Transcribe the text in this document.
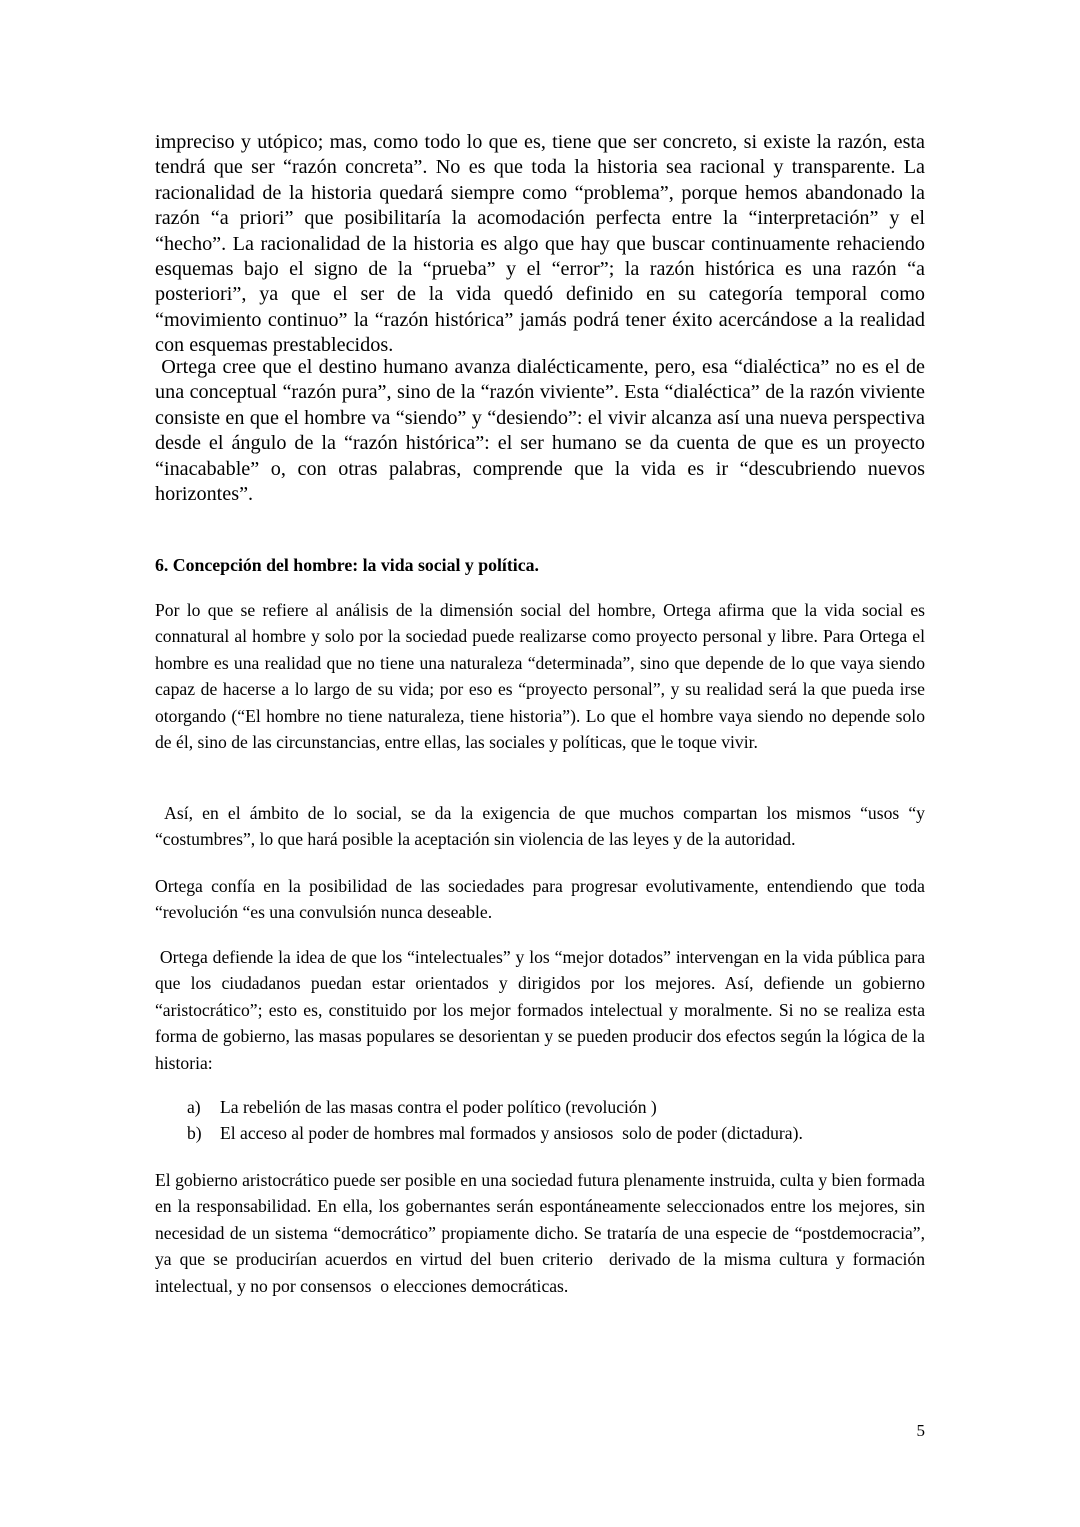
impreciso y utópico; mas, como todo lo que es, tiene que ser concreto, si existe la razón, esta tendrá que ser “razón concreta”. No es que toda la historia sea racional y transparente. La racionalidad de la historia quedará siempre como “problema”, porque hemos abandonado la razón “a priori” que posibilitaría la acomodación perfecta entre la “interpretación” y el “hecho”. La racionalidad de la historia es algo que hay que buscar continuamente rehaciendo esquemas bajo el signo de la “prueba” y el “error”; la razón histórica es una razón “a posteriori”, ya que el ser de la vida quedó definido en su categoría temporal como “movimiento continuo” la “razón histórica” jamás podrá tener éxito acercándose a la realidad con esquemas prestablecidos.

Ortega cree que el destino humano avanza dialécticamente, pero, esa “dialéctica” no es el de una conceptual “razón pura”, sino de la “razón viviente”. Esta “dialéctica” de la razón viviente consiste en que el hombre va “siendo” y “desiendo”: el vivir alcanza así una nueva perspectiva desde el ángulo de la “razón histórica”: el ser humano se da cuenta de que es un proyecto “inacabable” o, con otras palabras, comprende que la vida es ir “descubriendo nuevos horizontes”.

6. Concepción del hombre: la vida social y política.

Por lo que se refiere al análisis de la dimensión social del hombre, Ortega afirma que la vida social es connatural al hombre y solo por la sociedad puede realizarse como proyecto personal y libre. Para Ortega el hombre es una realidad que no tiene una naturaleza “determinada”, sino que depende de lo que vaya siendo capaz de hacerse a lo largo de su vida; por eso es “proyecto personal”, y su realidad será la que pueda irse otorgando (“El hombre no tiene naturaleza, tiene historia”). Lo que el hombre vaya siendo no depende solo de él, sino de las circunstancias, entre ellas, las sociales y políticas, que le toque vivir.

Así, en el ámbito de lo social, se da la exigencia de que muchos compartan los mismos “usos “y “costumbres”, lo que hará posible la aceptación sin violencia de las leyes y de la autoridad.

Ortega confía en la posibilidad de las sociedades para progresar evolutivamente, entendiendo que toda “revolución “es una convulsión nunca deseable.

Ortega defiende la idea de que los “intelectuales” y los “mejor dotados” intervengan en la vida pública para que los ciudadanos puedan estar orientados y dirigidos por los mejores. Así, defiende un gobierno “aristocrático”; esto es, constituido por los mejor formados intelectual y moralmente. Si no se realiza esta forma de gobierno, las masas populares se desorientan y se pueden producir dos efectos según la lógica de la historia:

a)	La rebelión de las masas contra el poder político (revolución )
b)	El acceso al poder de hombres mal formados y ansiosos  solo de poder (dictadura).

El gobierno aristocrático puede ser posible en una sociedad futura plenamente instruida, culta y bien formada en la responsabilidad. En ella, los gobernantes serán espontáneamente seleccionados entre los mejores, sin necesidad de un sistema “democrático” propiamente dicho. Se trataría de una especie de “postdemocracia”, ya que se producirían acuerdos en virtud del buen criterio  derivado de la misma cultura y formación intelectual, y no por consensos  o elecciones democráticas.

5
